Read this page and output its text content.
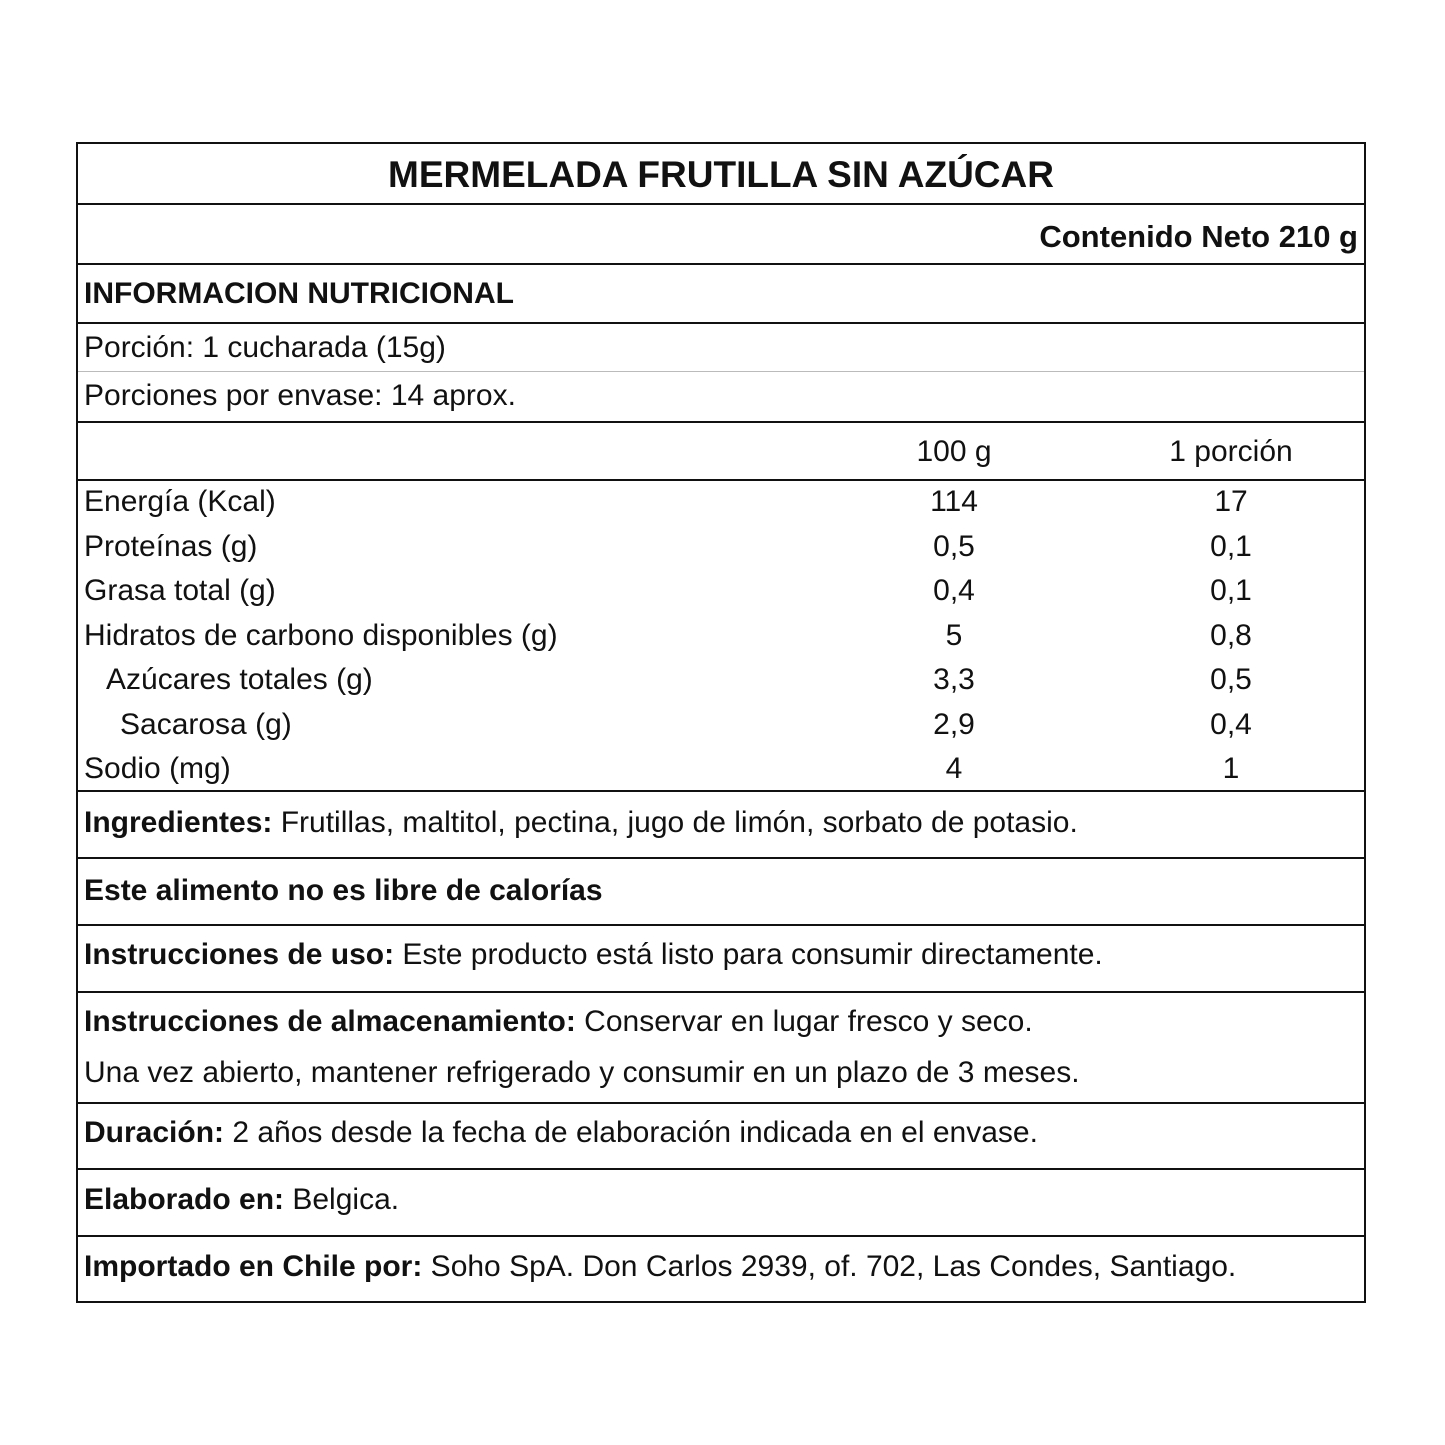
MERMELADA FRUTILLA SIN AZÚCAR
Contenido Neto 210 g
INFORMACION NUTRICIONAL
Porción: 1 cucharada (15g)
Porciones por envase: 14 aprox.
100 g	1 porción
Energía (Kcal)	114	17
Proteínas (g)	0,5	0,1
Grasa total (g)	0,4	0,1
Hidratos de carbono disponibles (g)	5	0,8
Azúcares totales (g)	3,3	0,5
Sacarosa (g)	2,9	0,4
Sodio (mg)	4	1
Ingredientes: Frutillas, maltitol, pectina, jugo de limón, sorbato de potasio.
Este alimento no es libre de calorías
Instrucciones de uso: Este producto está listo para consumir directamente.
Instrucciones de almacenamiento: Conservar en lugar fresco y seco.
Una vez abierto, mantener refrigerado y consumir en un plazo de 3 meses.
Duración: 2 años desde la fecha de elaboración indicada en el envase.
Elaborado en: Belgica.
Importado en Chile por: Soho SpA. Don Carlos 2939, of. 702, Las Condes, Santiago.
